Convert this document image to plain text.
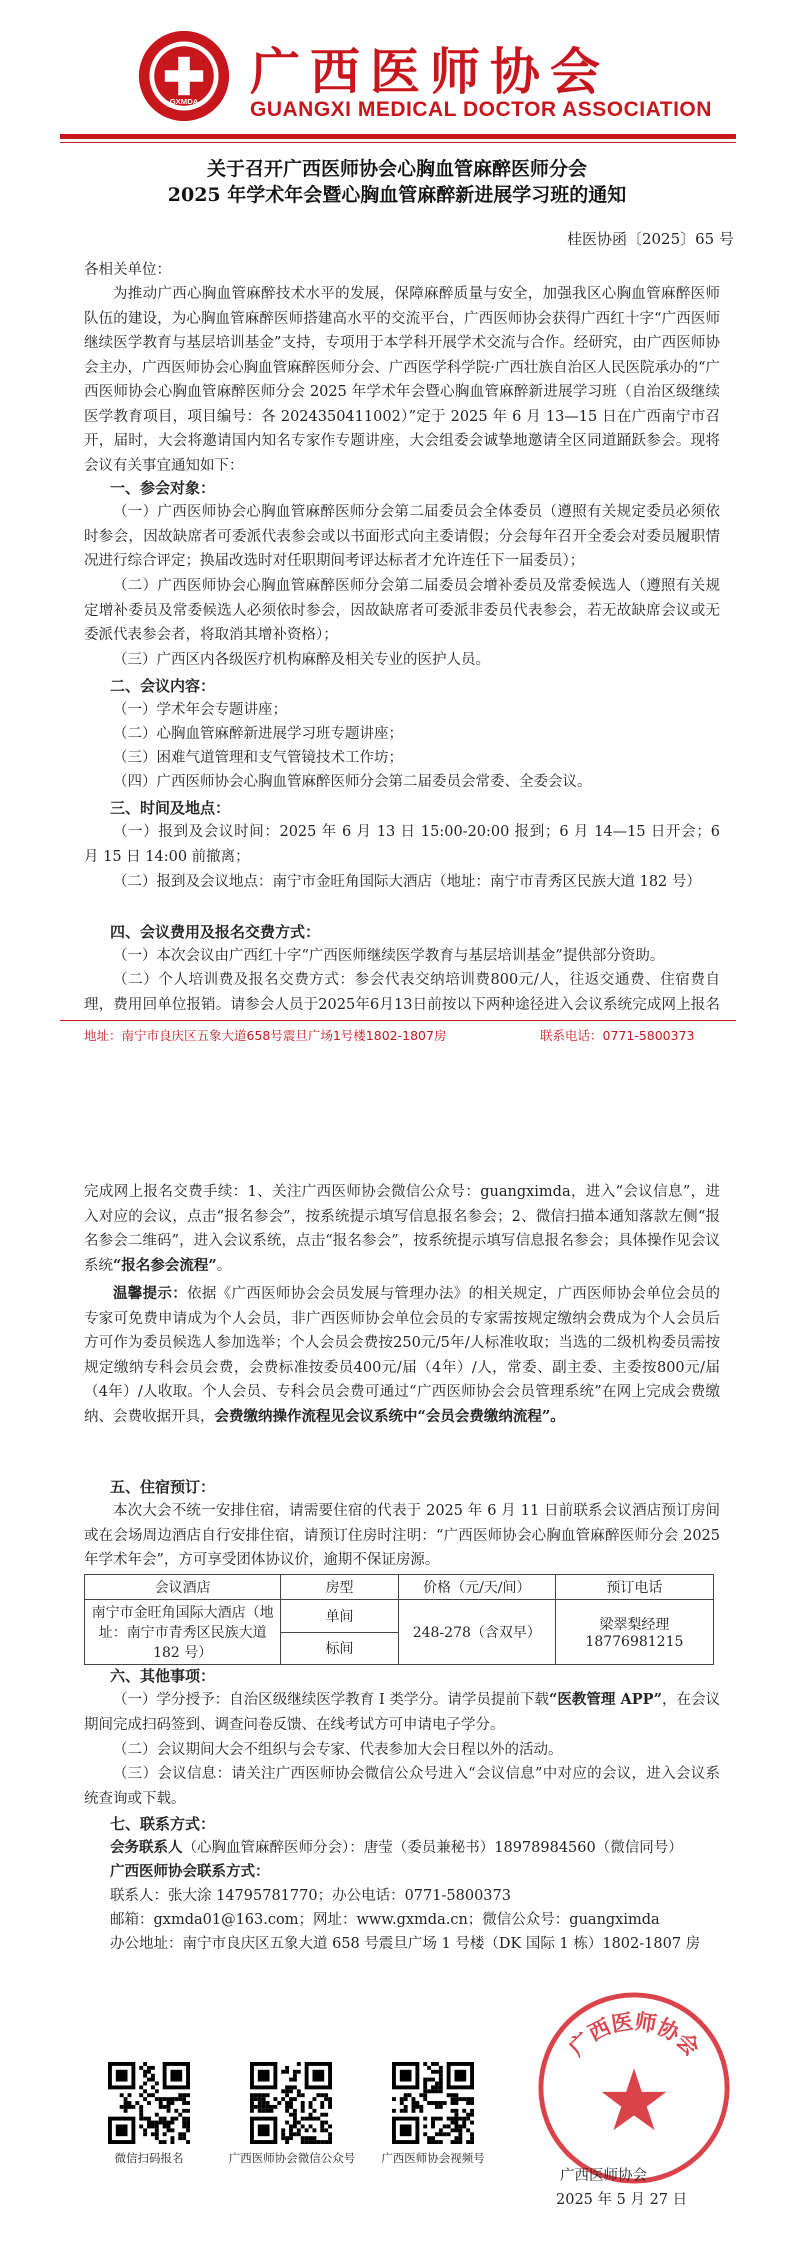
GXMDA
广西医师协会
GUANGXI MEDICAL DOCTOR ASSOCIATION
关于召开广西医师协会心胸血管麻醉医师分会
2025 年学术年会暨心胸血管麻醉新进展学习班的通知
桂医协函〔2025〕65 号
各相关单位：
为推动广西心胸血管麻醉技术水平的发展，保障麻醉质量与安全，加强我区心胸血管麻醉医师队伍的建设，为心胸血管麻醉医师搭建高水平的交流平台，广西医师协会获得广西红十字“广西医师继续医学教育与基层培训基金”支持，专项用于本学科开展学术交流与合作。经研究，由广西医师协会主办，广西医师协会心胸血管麻醉医师分会、广西医学科学院·广西壮族自治区人民医院承办的“广西医师协会心胸血管麻醉医师分会 2025 年学术年会暨心胸血管麻醉新进展学习班（自治区级继续医学教育项目，项目编号：各 2024350411002）”定于 2025 年 6 月 13—15 日在广西南宁市召开，届时，大会将邀请国内知名专家作专题讲座，大会组委会诚挚地邀请全区同道踊跃参会。现将会议有关事宜通知如下：
一、参会对象：
（一）广西医师协会心胸血管麻醉医师分会第二届委员会全体委员（遵照有关规定委员必须依时参会，因故缺席者可委派代表参会或以书面形式向主委请假；分会每年召开全委会对委员履职情况进行综合评定；换届改选时对任职期间考评达标者才允许连任下一届委员）；
（二）广西医师协会心胸血管麻醉医师分会第二届委员会增补委员及常委候选人（遵照有关规定增补委员及常委候选人必须依时参会，因故缺席者可委派非委员代表参会，若无故缺席会议或无委派代表参会者，将取消其增补资格）；
（三）广西区内各级医疗机构麻醉及相关专业的医护人员。
二、会议内容：
（一）学术年会专题讲座；
（二）心胸血管麻醉新进展学习班专题讲座；
（三）困难气道管理和支气管镜技术工作坊；
（四）广西医师协会心胸血管麻醉医师分会第二届委员会常委、全委会议。
三、时间及地点：
（一）报到及会议时间：2025 年 6 月 13 日 15:00-20:00 报到；6 月 14—15 日开会；6 月 15 日 14:00 前撤离；
（二）报到及会议地点：南宁市金旺角国际大酒店（地址：南宁市青秀区民族大道 182 号）
四、会议费用及报名交费方式：
（一）本次会议由广西红十字“广西医师继续医学教育与基层培训基金”提供部分资助。
（二）个人培训费及报名交费方式：参会代表交纳培训费800元/人，往返交通费、住宿费自理，费用回单位报销。请参会人员于2025年6月13日前按以下两种途径进入会议系统完成网上报名
地址：南宁市良庆区五象大道658号震旦广场1号楼1802-1807房	联系电话：0771-5800373
完成网上报名交费手续：1、关注广西医师协会微信公众号：guangximda，进入“会议信息”，进入对应的会议，点击“报名参会”，按系统提示填写信息报名参会；2、微信扫描本通知落款左侧“报名参会二维码”，进入会议系统，点击“报名参会”，按系统提示填写信息报名参会；具体操作见会议系统“报名参会流程”。
温馨提示：依据《广西医师协会会员发展与管理办法》的相关规定，广西医师协会单位会员的专家可免费申请成为个人会员，非广西医师协会单位会员的专家需按规定缴纳会费成为个人会员后方可作为委员候选人参加选举；个人会员会费按250元/5年/人标准收取；当选的二级机构委员需按规定缴纳专科会员会费，会费标准按委员400元/届（4年）/人，常委、副主委、主委按800元/届（4年）/人收取。个人会员、专科会员会费可通过“广西医师协会会员管理系统”在网上完成会费缴纳、会费收据开具，会费缴纳操作流程见会议系统中“会员会费缴纳流程”。
五、住宿预订：
本次大会不统一安排住宿，请需要住宿的代表于 2025 年 6 月 11 日前联系会议酒店预订房间或在会场周边酒店自行安排住宿，请预订住房时注明：“广西医师协会心胸血管麻醉医师分会 2025 年学术年会”，方可享受团体协议价，逾期不保证房源。
会议酒店	房型	价格（元/天/间）	预订电话
南宁市金旺角国际大酒店（地址：南宁市青秀区民族大道 182 号）	单间	248-278（含双早）	梁翠梨经理
18776981215

	标间		
六、其他事项：
（一）学分授予：自治区级继续医学教育 I 类学分。请学员提前下载“医教管理 APP”，在会议期间完成扫码签到、调查问卷反馈、在线考试方可申请电子学分。
（二）会议期间大会不组织与会专家、代表参加大会日程以外的活动。
（三）会议信息：请关注广西医师协会微信公众号进入“会议信息”中对应的会议，进入会议系统查询或下载。
七、联系方式：
会务联系人（心胸血管麻醉医师分会）：唐莹（委员兼秘书）18978984560（微信同号）
广西医师协会联系方式：
联系人：张大涂 14795781770；办公电话：0771-5800373
邮箱：gxmda01@163.com；网址：www.gxmda.cn；微信公众号：guangximda
办公地址：南宁市良庆区五象大道 658 号震旦广场 1 号楼（DK 国际 1 栋）1802-1807 房
微信扫码报名	广西医师协会微信公众号	广西医师协会视频号
广西医师协会
广西医师协会
2025 年 5 月 27 日
